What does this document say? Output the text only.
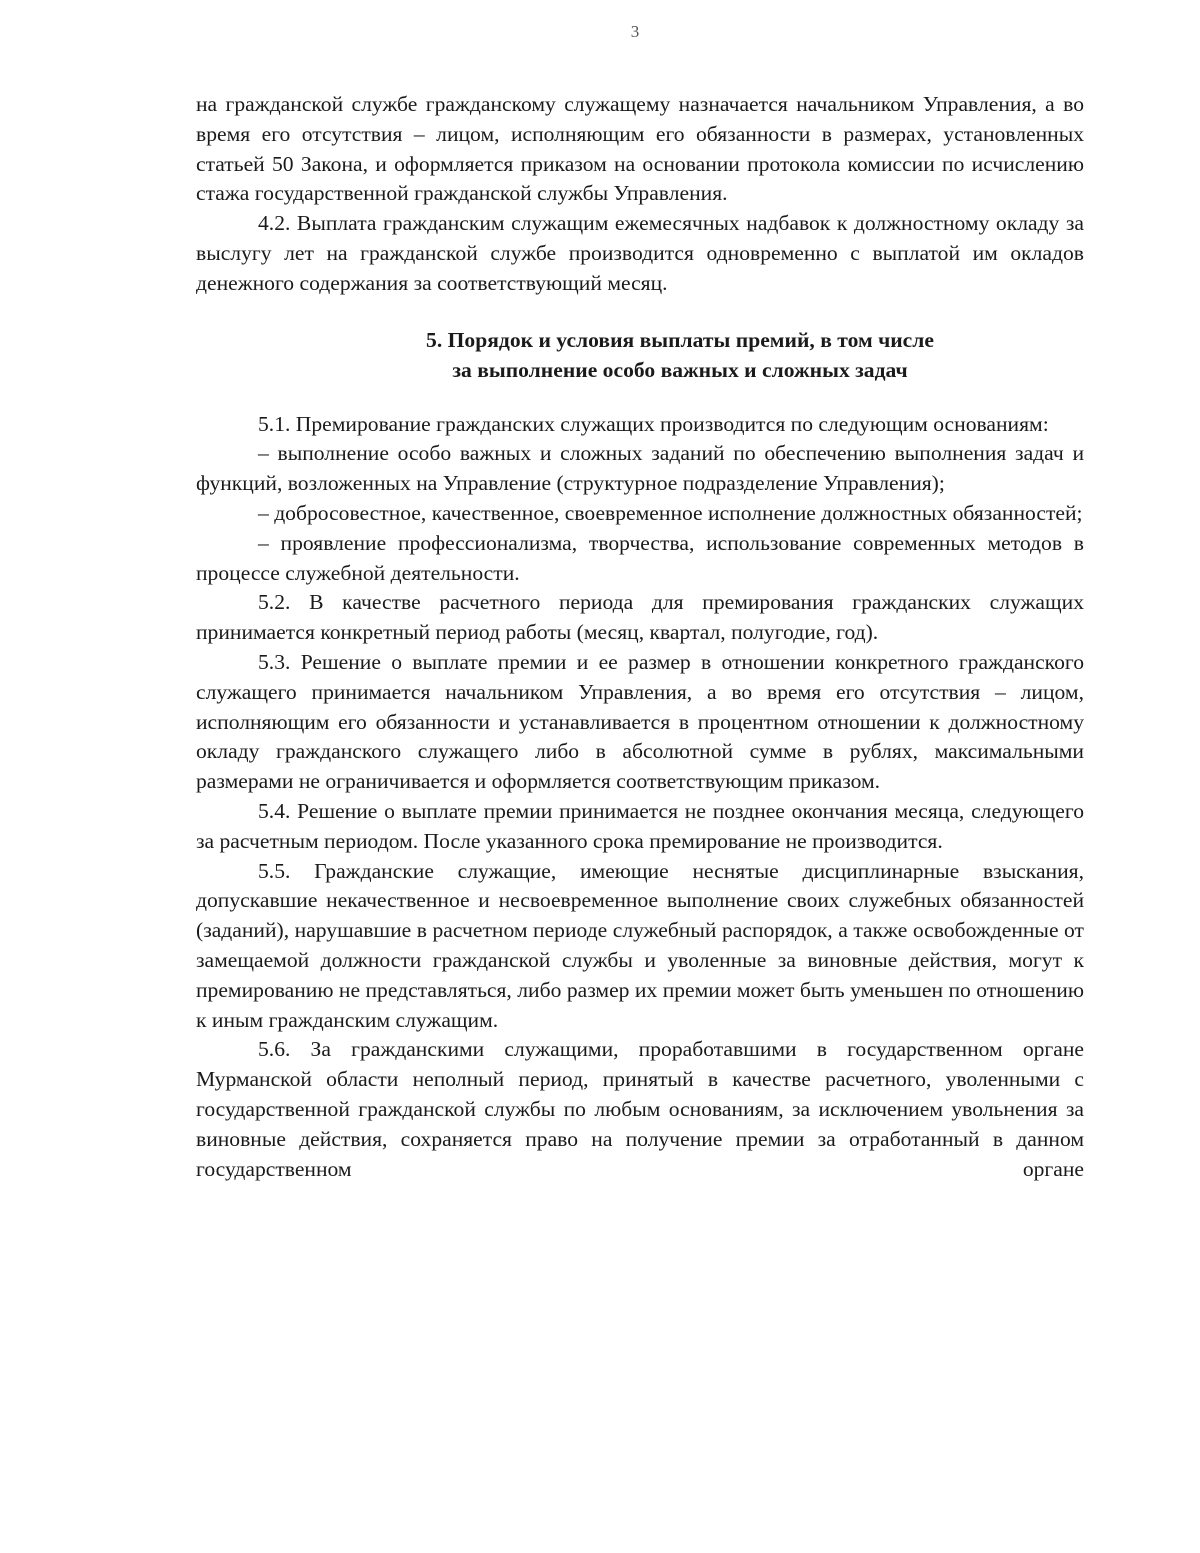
3

на гражданской службе гражданскому служащему назначается начальником Управления, а во время его отсутствия – лицом, исполняющим его обязанности в размерах, установленных статьей 50 Закона, и оформляется приказом на основании протокола комиссии по исчислению стажа государственной гражданской службы Управления.

4.2. Выплата гражданским служащим ежемесячных надбавок к должностному окладу за выслугу лет на гражданской службе производится одновременно с выплатой им окладов денежного содержания за соответствующий месяц.

5. Порядок и условия выплаты премий, в том числе
за выполнение особо важных и сложных задач

5.1. Премирование гражданских служащих производится по следующим основаниям:

– выполнение особо важных и сложных заданий по обеспечению выполнения задач и функций, возложенных на Управление (структурное подразделение Управления);

– добросовестное, качественное, своевременное исполнение должностных обязанностей;

– проявление профессионализма, творчества, использование современных методов в процессе служебной деятельности.

5.2. В качестве расчетного периода для премирования гражданских служащих принимается конкретный период работы (месяц, квартал, полугодие, год).

5.3. Решение о выплате премии и ее размер в отношении конкретного гражданского служащего принимается начальником Управления, а во время его отсутствия – лицом, исполняющим его обязанности и устанавливается в процентном отношении к должностному окладу гражданского служащего либо в абсолютной сумме в рублях, максимальными размерами не ограничивается и оформляется соответствующим приказом.

5.4. Решение о выплате премии принимается не позднее окончания месяца, следующего за расчетным периодом. После указанного срока премирование не производится.

5.5. Гражданские служащие, имеющие неснятые дисциплинарные взыскания, допускавшие некачественное и несвоевременное выполнение своих служебных обязанностей (заданий), нарушавшие в расчетном периоде служебный распорядок, а также освобожденные от замещаемой должности гражданской службы и уволенные за виновные действия, могут к премированию не представляться, либо размер их премии может быть уменьшен по отношению к иным гражданским служащим.

5.6. За гражданскими служащими, проработавшими в государственном органе Мурманской области неполный период, принятый в качестве расчетного, уволенными с государственной гражданской службы по любым основаниям, за исключением увольнения за виновные действия, сохраняется право на получение премии за отработанный в данном государственном органе
